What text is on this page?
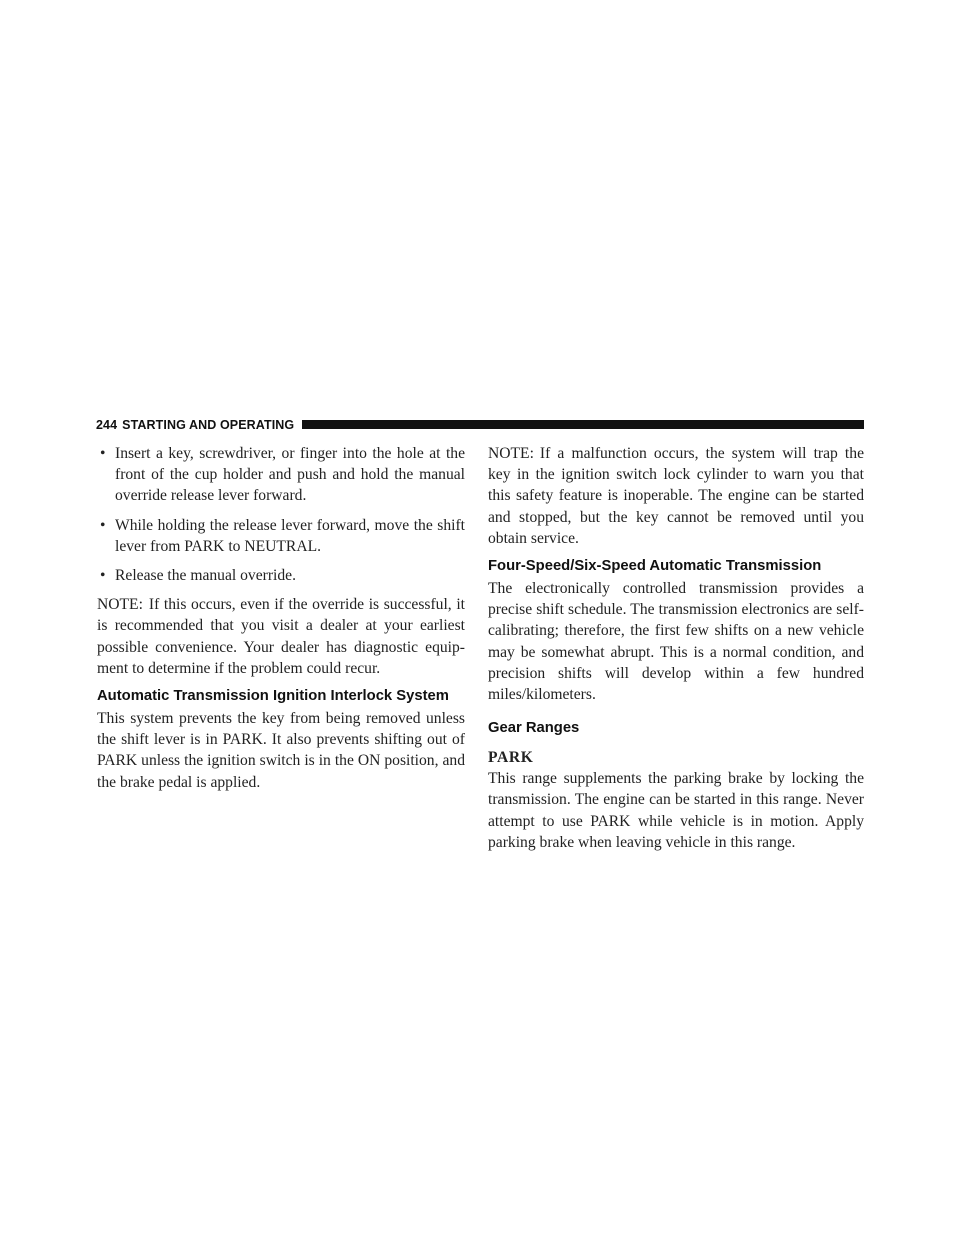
244 STARTING AND OPERATING
• Insert a key, screwdriver, or finger into the hole at the front of the cup holder and push and hold the manual override release lever forward.
• While holding the release lever forward, move the shift lever from PARK to NEUTRAL.
• Release the manual override.

NOTE: If this occurs, even if the override is successful, it is recommended that you visit a dealer at your earliest possible convenience. Your dealer has diagnostic equip-ment to determine if the problem could recur.

Automatic Transmission Ignition Interlock System

This system prevents the key from being removed unless the shift lever is in PARK. It also prevents shifting out of PARK unless the ignition switch is in the ON position, and the brake pedal is applied.

NOTE: If a malfunction occurs, the system will trap the key in the ignition switch lock cylinder to warn you that this safety feature is inoperable. The engine can be started and stopped, but the key cannot be removed until you obtain service.

Four-Speed/Six-Speed Automatic Transmission

The electronically controlled transmission provides a precise shift schedule. The transmission electronics are self-calibrating; therefore, the first few shifts on a new vehicle may be somewhat abrupt. This is a normal condition, and precision shifts will develop within a few hundred miles/kilometers.

Gear Ranges
PARK

This range supplements the parking brake by locking the transmission. The engine can be started in this range. Never attempt to use PARK while vehicle is in motion. Apply parking brake when leaving vehicle in this range.
